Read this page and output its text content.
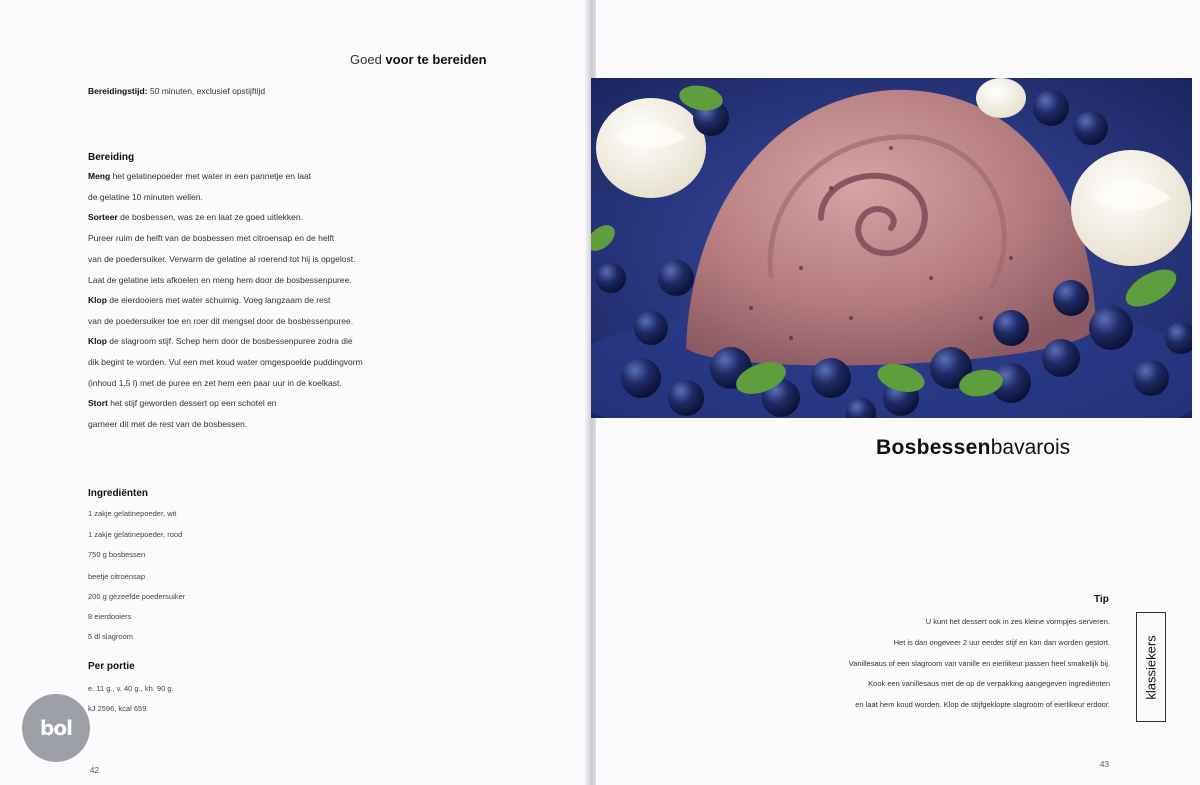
Goed voor te bereiden
Bereidingstijd: 50 minuten, exclusief opstijftijd
Bereiding
Meng het gelatinepoeder met water in een pannetje en laat
de gelatine 10 minuten wellen.
Sorteer de bosbessen, was ze en laat ze goed uitlekken.
Pureer ruim de helft van de bosbessen met citroensap en de helft
van de poedersuiker. Verwarm de gelatine al roerend tot hij is opgelost.
Laat de gelatine iets afkoelen en meng hem door de bosbessenpuree.
Klop de eierdooiers met water schuimig. Voeg langzaam de rest
van de poedersuiker toe en roer dit mengsel door de bosbessenpuree.
Klop de slagroom stijf. Schep hem door de bosbessenpuree zodra die
dik begint te worden. Vul een met koud water omgespoelde puddingvorm
(inhoud 1,5 l) met de puree en zet hem een paar uur in de koelkast.
Stort het stijf geworden dessert op een schotel en
garneer dit met de rest van de bosbessen.
Ingrediënten
1 zakje gelatinepoeder, wit
1 zakje gelatinepoeder, rood
750 g bosbessen
beetje citroensap
200 g gezeefde poedersuiker
8 eierdooiers
5 dl slagroom
Per portie
e. 11 g., v. 40 g., kh. 90 g.
kJ 2596, kcal 659
42
bol
Bosbessenbavarois
Tip
U kunt het dessert ook in zes kleine vormpjes serveren.
Het is dan ongeveer 2 uur eerder stijf en kan dan worden gestort.
Vanillesaus of een slagroom van vanille en eierlikeur passen heel smakelijk bij.
Kook een vanillesaus met de op de verpakking aangegeven ingrediënten
en laat hem koud worden. Klop de stijfgeklopte slagroom of eierlikeur erdoor.
klassiekers
43
